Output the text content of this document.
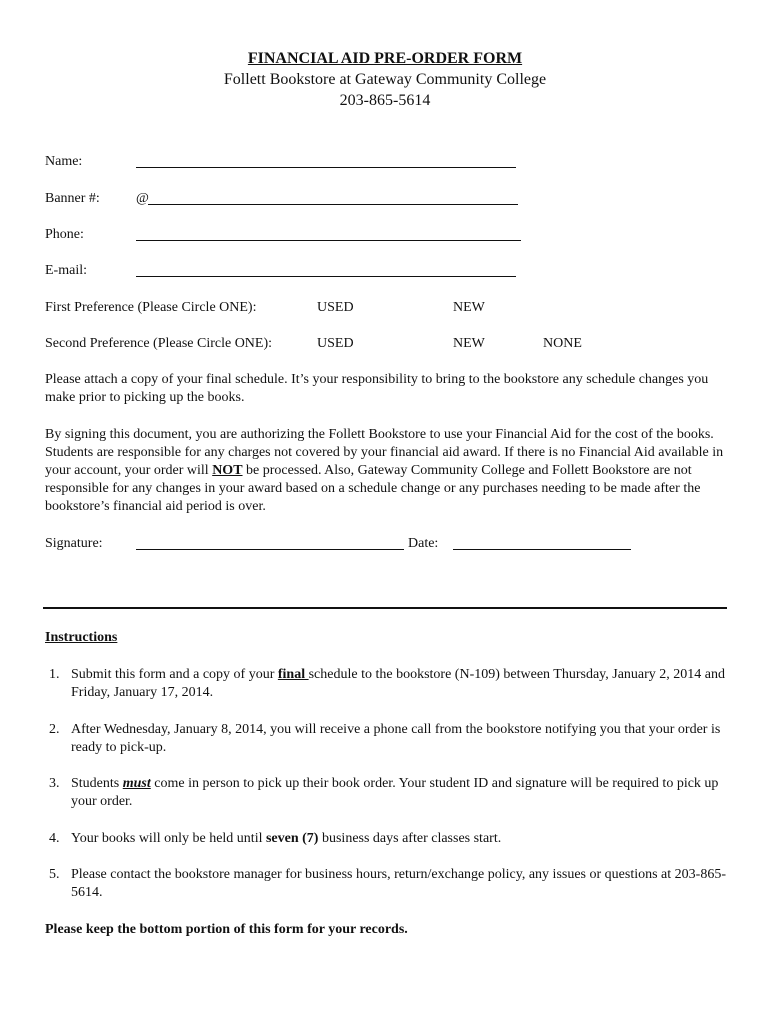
FINANCIAL AID PRE-ORDER FORM
Follett Bookstore at Gateway Community College
203-865-5614
Name:
Banner #:	@
Phone:
E-mail:
First Preference (Please Circle ONE):	USED	NEW
Second Preference (Please Circle ONE):	USED	NEW	NONE
Please attach a copy of your final schedule. It’s your responsibility to bring to the bookstore any schedule changes you make prior to picking up the books.
By signing this document, you are authorizing the Follett Bookstore to use your Financial Aid for the cost of the books. Students are responsible for any charges not covered by your financial aid award. If there is no Financial Aid available in your account, your order will NOT be processed. Also, Gateway Community College and Follett Bookstore are not responsible for any changes in your award based on a schedule change or any purchases needing to be made after the bookstore’s financial aid period is over.
Signature:	Date:
Instructions
1. Submit this form and a copy of your final schedule to the bookstore (N-109) between Thursday, January 2, 2014 and Friday, January 17, 2014.
2. After Wednesday, January 8, 2014, you will receive a phone call from the bookstore notifying you that your order is ready to pick-up.
3. Students must come in person to pick up their book order. Your student ID and signature will be required to pick up your order.
4. Your books will only be held until seven (7) business days after classes start.
5. Please contact the bookstore manager for business hours, return/exchange policy, any issues or questions at 203-865-5614.
Please keep the bottom portion of this form for your records.
